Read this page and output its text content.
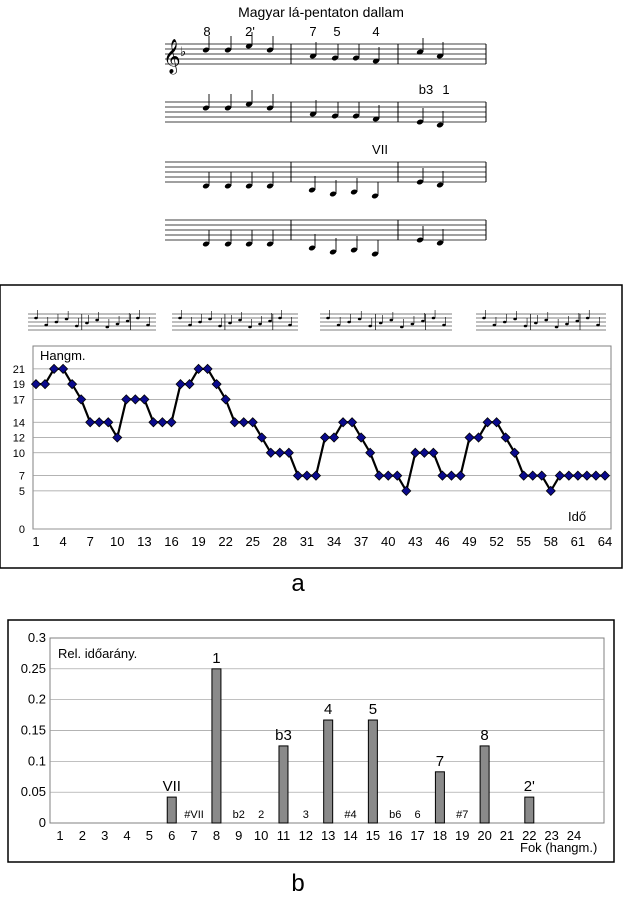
Magyar lá-pentaton dallam
𝄞 ♭
8	2'	7 5 4
b3 1
VII
0
5
7
10
12
14
17
19
21
1 4 7 10 13 16 19 22 25 28 31 34 37 40 43 46 49 52 55 58 61 64
Hangm.
Idő
a
0
0.05
0.1
0.15
0.2
0.25
0.3
1 2 3 4 5 6 7 8 9 10 11 12 13 14 15 16 17 18 19 20 21 22 23 24
VII
1
b3
4 5
7
8
2'
#VII	b2 2	3	#4	b6 6	#7
Rel. időarány.
Fok (hangm.)
b
